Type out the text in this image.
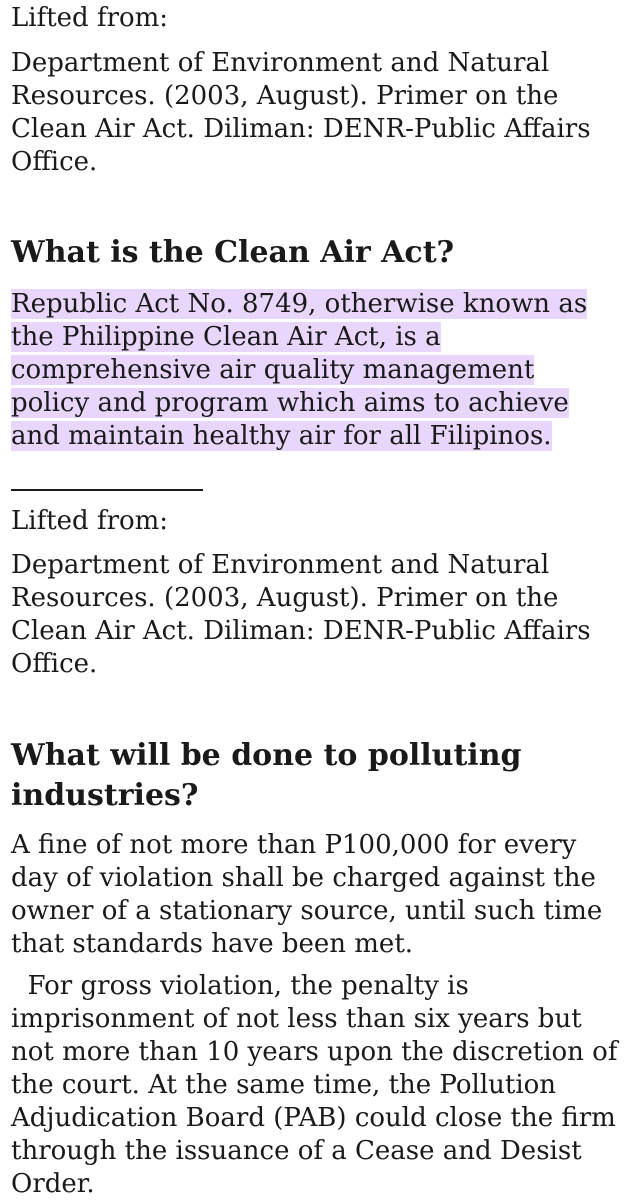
Lifted from:
Department of Environment and Natural
Resources. (2003, August). Primer on the
Clean Air Act. Diliman: DENR-Public Affairs
Office.
What is the Clean Air Act?
Republic Act No. 8749, otherwise known as
the Philippine Clean Air Act, is a
comprehensive air quality management
policy and program which aims to achieve
and maintain healthy air for all Filipinos.
Lifted from:
Department of Environment and Natural
Resources. (2003, August). Primer on the
Clean Air Act. Diliman: DENR-Public Affairs
Office.
What will be done to polluting
industries?
A fine of not more than P100,000 for every
day of violation shall be charged against the
owner of a stationary source, until such time
that standards have been met.
For gross violation, the penalty is
imprisonment of not less than six years but
not more than 10 years upon the discretion of
the court. At the same time, the Pollution
Adjudication Board (PAB) could close the firm
through the issuance of a Cease and Desist
Order.
